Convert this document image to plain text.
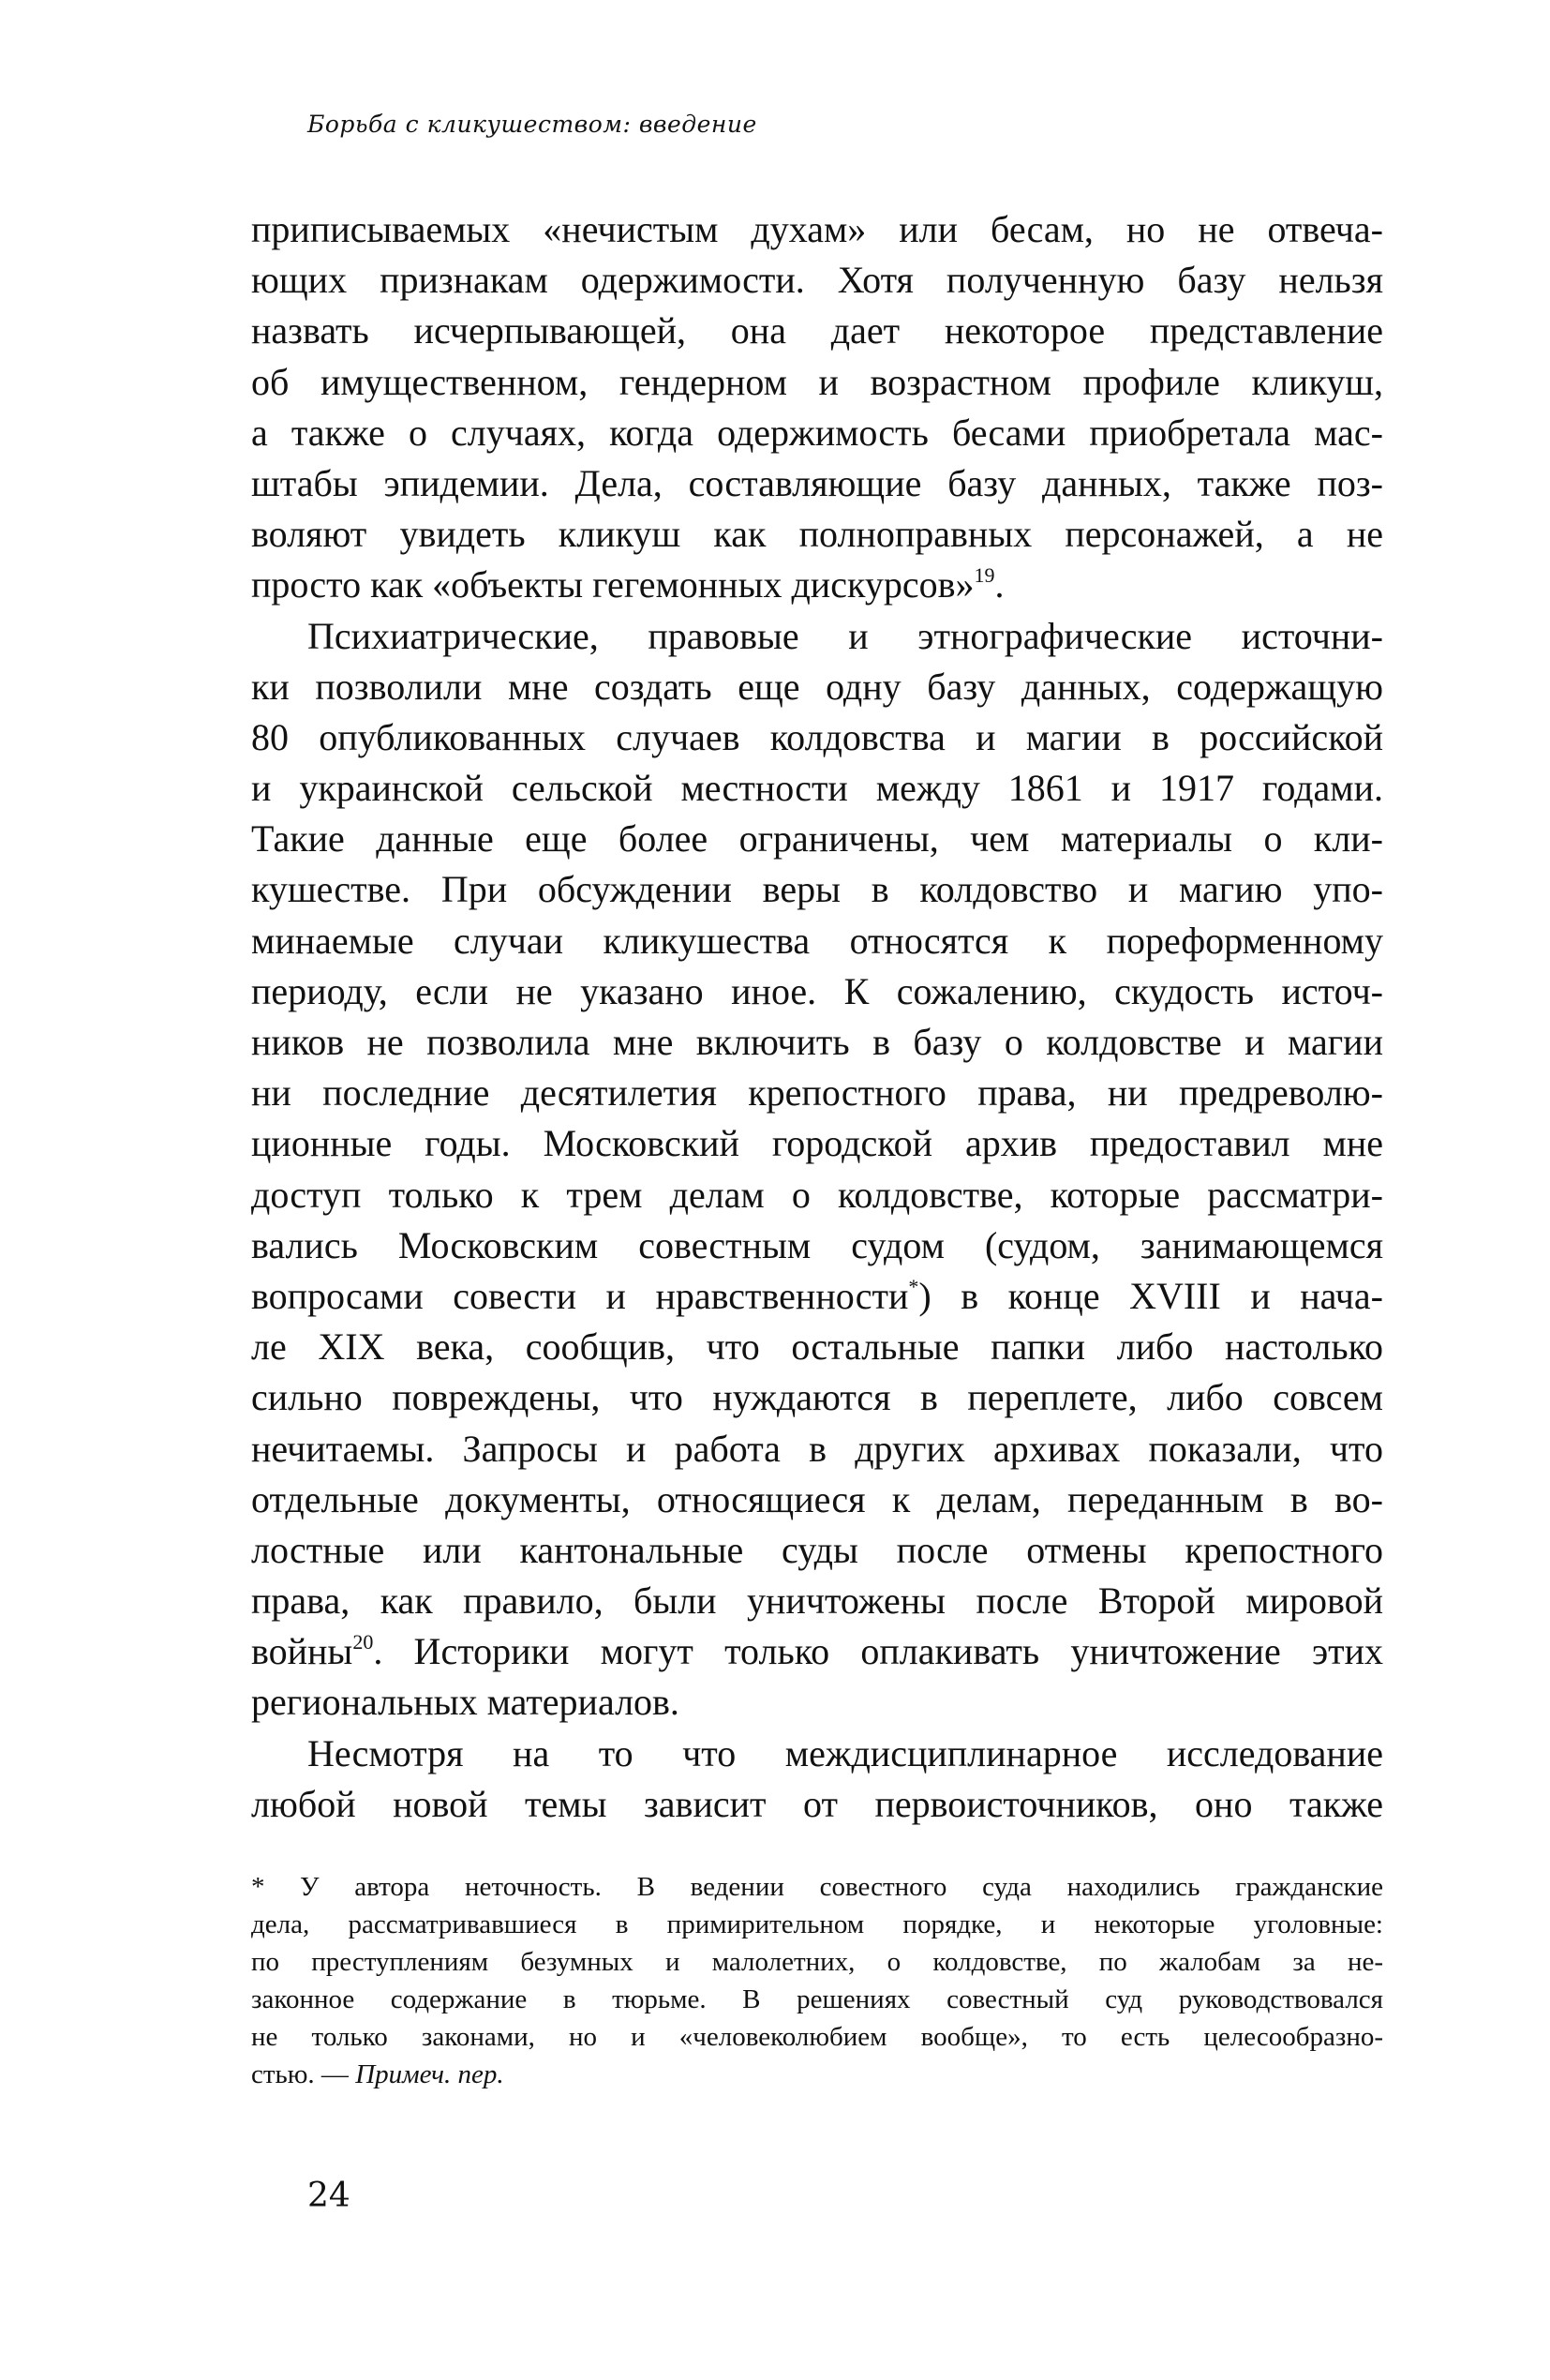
Борьба с кликушеством: введение
приписываемых «нечистым духам» или бесам, но не отвеча-
ющих признакам одержимости. Хотя полученную базу нельзя
назвать исчерпывающей, она дает некоторое представление
об имущественном, гендерном и возрастном профиле кликуш,
а также о случаях, когда одержимость бесами приобретала мас-
штабы эпидемии. Дела, составляющие базу данных, также поз-
воляют увидеть кликуш как полноправных персонажей, а не
просто как «объекты гегемонных дискурсов»$^{19}$.
Психиатрические, правовые и этнографические источни-
ки позволили мне создать еще одну базу данных, содержащую
80 опубликованных случаев колдовства и магии в российской
и украинской сельской местности между 1861 и 1917 годами.
Такие данные еще более ограничены, чем материалы о кли-
кушестве. При обсуждении веры в колдовство и магию упо-
минаемые случаи кликушества относятся к пореформенному
периоду, если не указано иное. К сожалению, скудость источ-
ников не позволила мне включить в базу о колдовстве и магии
ни последние десятилетия крепостного права, ни предреволю-
ционные годы. Московский городской архив предоставил мне
доступ только к трем делам о колдовстве, которые рассматри-
вались Московским совестным судом (судом, занимающемся
вопросами совести и нравственности*) в конце XVIII и нача-
ле XIX века, сообщив, что остальные папки либо настолько
сильно повреждены, что нуждаются в переплете, либо совсем
нечитаемы. Запросы и работа в других архивах показали, что
отдельные документы, относящиеся к делам, переданным в во-
лостные или кантональные суды после отмены крепостного
права, как правило, были уничтожены после Второй мировой
войны$^{20}$. Историки могут только оплакивать уничтожение этих
региональных материалов.
Несмотря на то что междисциплинарное исследование
любой новой темы зависит от первоисточников, оно также
* У автора неточность. В ведении совестного суда находились гражданские
дела, рассматривавшиеся в примирительном порядке, и некоторые уголовные:
по преступлениям безумных и малолетних, о колдовстве, по жалобам за не-
законное содержание в тюрьме. В решениях совестный суд руководствовался
не только законами, но и «человеколюбием вообще», то есть целесообразно-
стью. — Примеч. пер.
24
